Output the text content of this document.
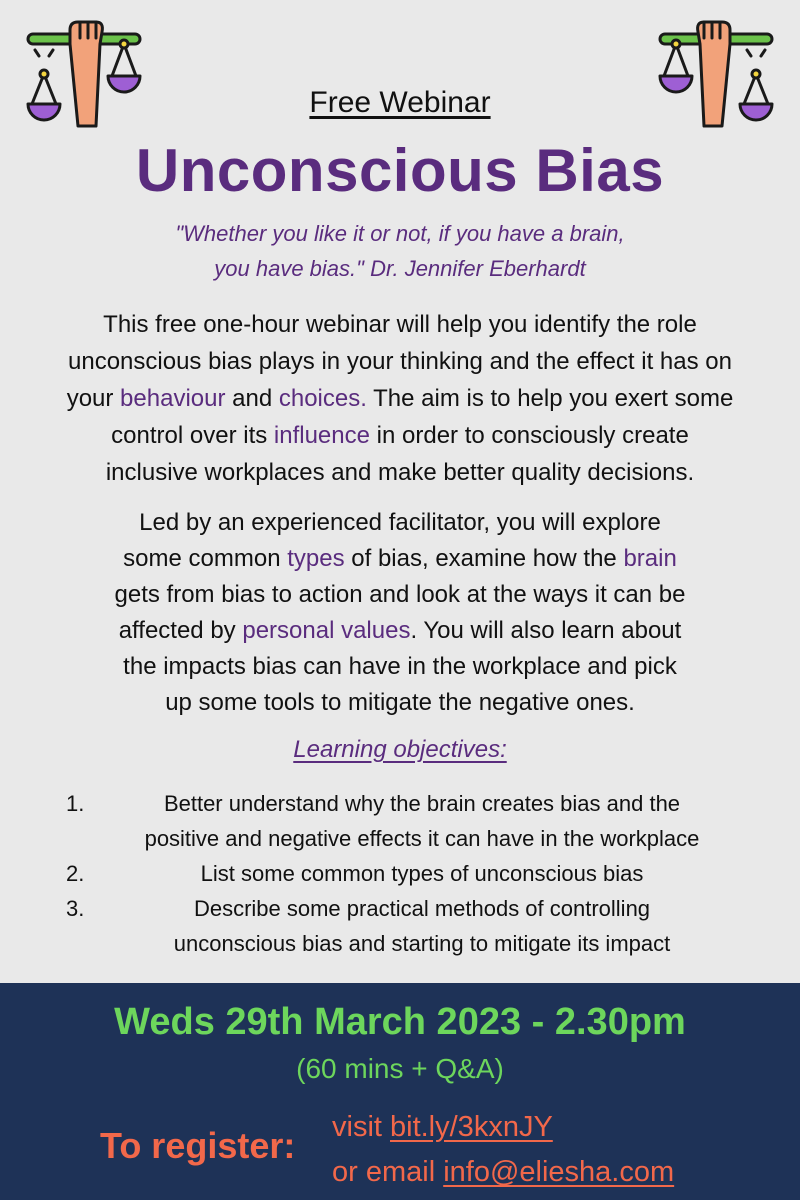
Free Webinar
Unconscious Bias
"Whether you like it or not, if you have a brain,
you have bias." Dr. Jennifer Eberhardt
This free one-hour webinar will help you identify the role
unconscious bias plays in your thinking and the effect it has on
your behaviour and choices. The aim is to help you exert some
control over its influence in order to consciously create
inclusive workplaces and make better quality decisions.
Led by an experienced facilitator, you will explore
some common types of bias, examine how the brain
gets from bias to action and look at the ways it can be
affected by personal values. You will also learn about
the impacts bias can have in the workplace and pick
up some tools to mitigate the negative ones.
Learning objectives:
1.	Better understand why the brain creates bias and the
positive and negative effects it can have in the workplace
2.	List some common types of unconscious bias
3.	Describe some practical methods of controlling
unconscious bias and starting to mitigate its impact
Weds 29th March 2023 - 2.30pm
(60 mins + Q&A)
To register: visit bit.ly/3kxnJY
or email info@eliesha.com
